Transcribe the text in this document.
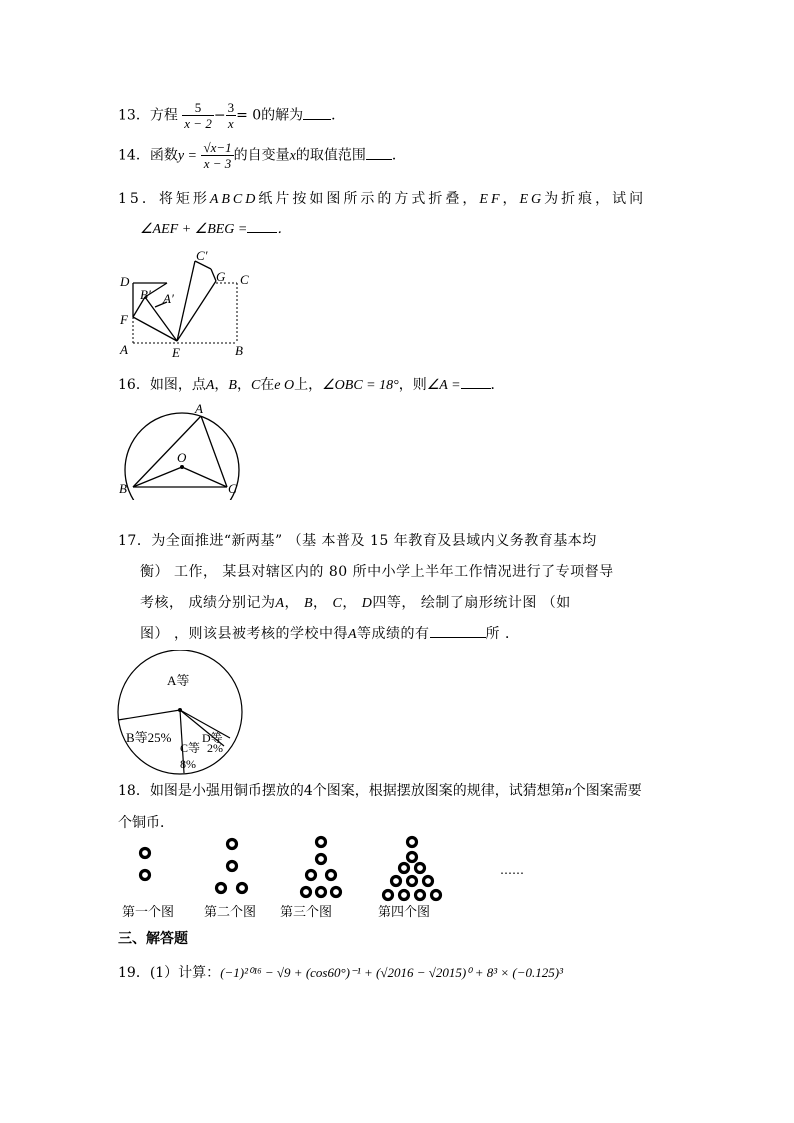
13．方程 $\frac{5}{x - 2} - \frac{3}{x} = 0$的解为 ．
14．函数$y = \frac{√x-1}{x - 3}$ 的自变量x的取值范围 ．
15．将矩形ABCD纸片按如图所示的方式折叠，EF，EG为折痕，试问
∠AEF + ∠BEG = ．
D	C
C′
G
B′ A′
F
A	E	B
16．如图，点A，B，C在e O上，∠OBC = 18°，则∠A = ．
A
O
B	C
17．为全面推进“新两基” （基 本普及 15 年教育及县域内义务教育基本均
衡） 工作， 某县对辖区内的 80 所中小学上半年工作情况进行了专项督导
考核， 成绩分别记为A， B， C， D四等， 绘制了扇形统计图 （如
图） ，则该县被考核的学校中得A等成绩的有	所 ．
A等
B等25%
C等
8%
D等
2%
18．如图是小强用铜币摆放的4个图案，根据摆放图案的规律，试猜想第n个图案需要
个铜币．
……
第一个图 第二个图 第三个图	第四个图
三、解答题
19．(1）计算：(−1)²⁰¹⁶ − √9 + (cos60°)⁻¹ + (√2016 − √2015)⁰ + 8³ × (−0.125)³
